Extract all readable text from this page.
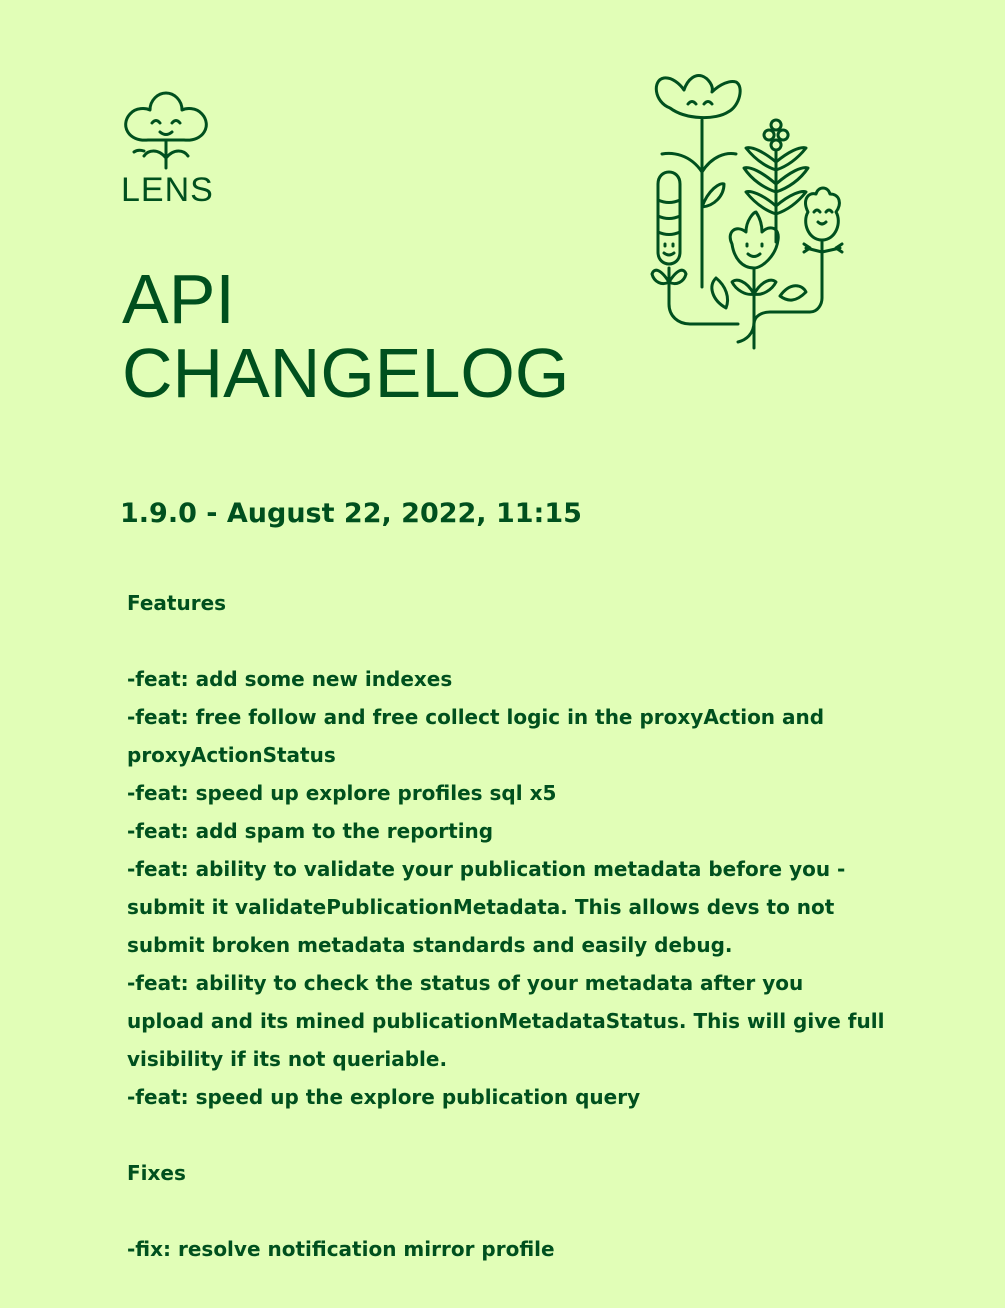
LENS
API
CHANGELOG
1.9.0 - August 22, 2022, 11:15
Features
-feat: add some new indexes
-feat: free follow and free collect logic in the proxyAction and
proxyActionStatus
-feat: speed up explore profiles sql x5
-feat: add spam to the reporting
-feat: ability to validate your publication metadata before you -
submit it validatePublicationMetadata. This allows devs to not
submit broken metadata standards and easily debug.
-feat: ability to check the status of your metadata after you
upload and its mined publicationMetadataStatus. This will give full
visibility if its not queriable.
-feat: speed up the explore publication query
Fixes
-fix: resolve notification mirror profile
